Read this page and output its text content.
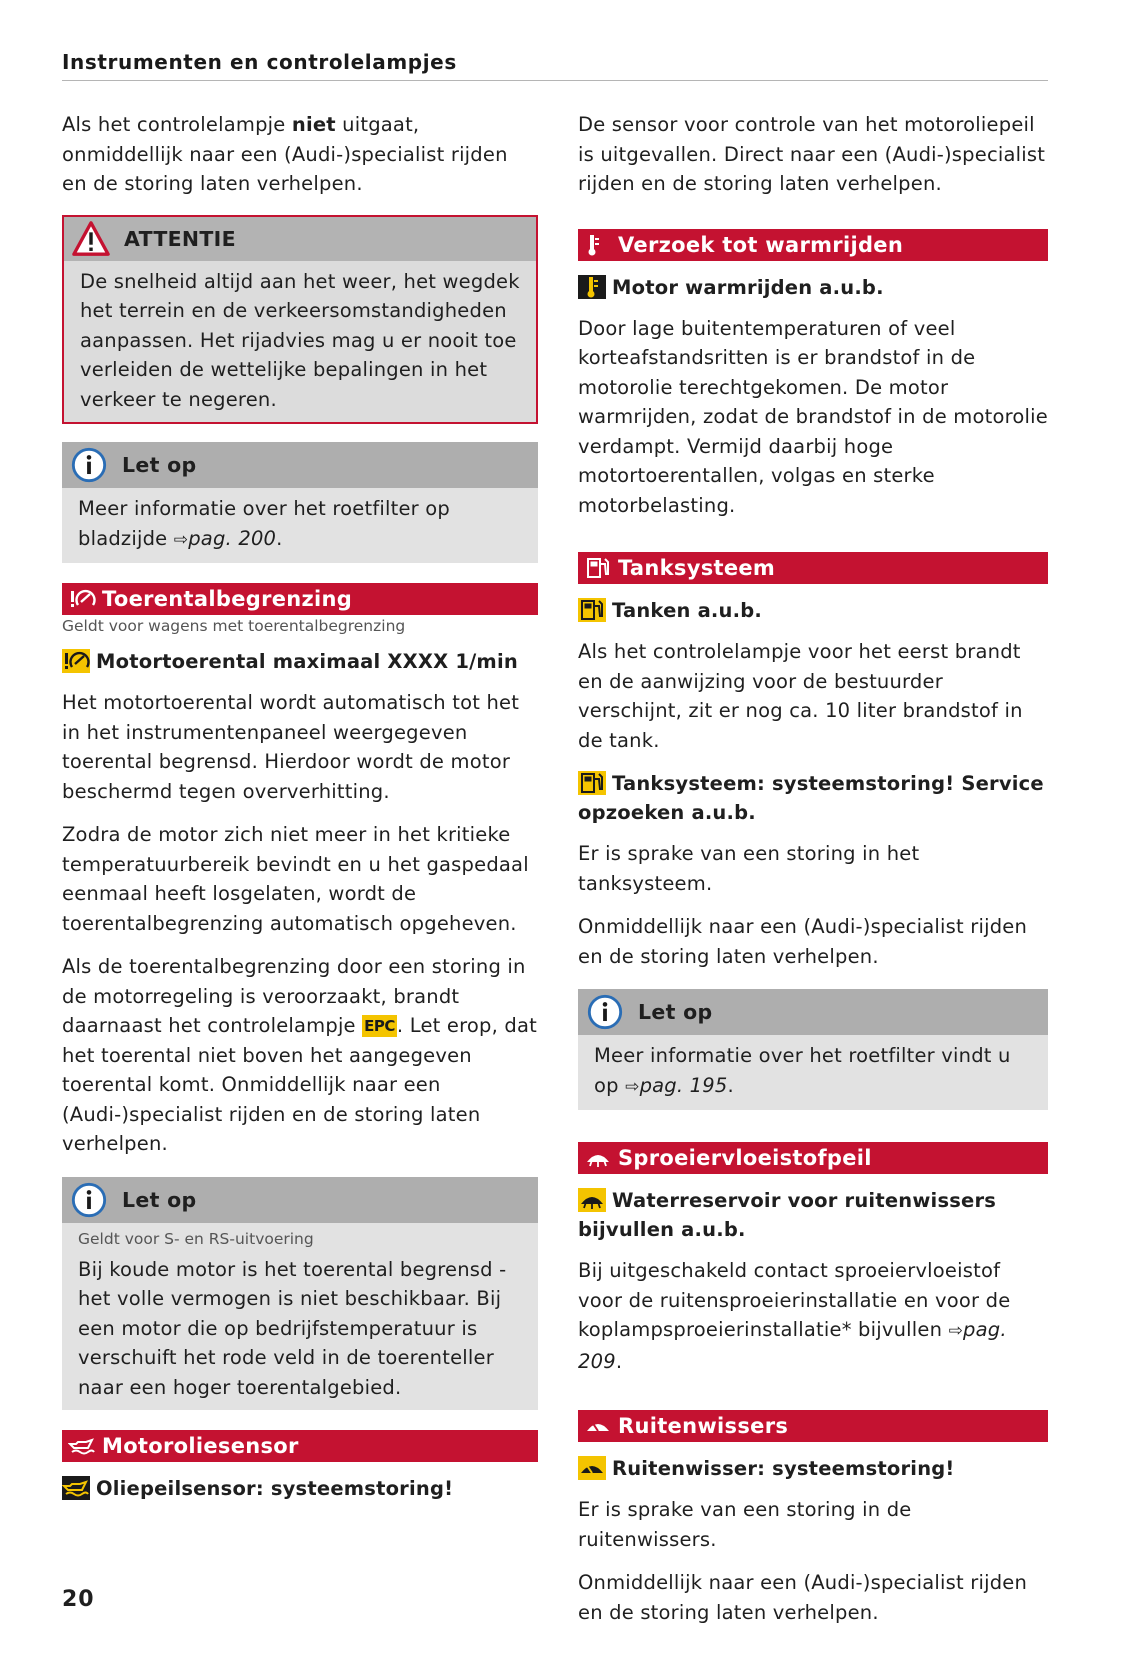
Instrumenten en controlelampjes

Als het controlelampje niet uitgaat, onmiddellijk naar een (Audi-)specialist rijden en de storing laten verhelpen.

ATTENTIE
De snelheid altijd aan het weer, het wegdek het terrein en de verkeersomstandigheden aanpassen. Het rijadvies mag u er nooit toe verleiden de wettelijke bepalingen in het verkeer te negeren.
Let op
Meer informatie over het roetfilter op bladzijde ⇨pag. 200.
Toerentalbegrenzing
Geldt voor wagens met toerentalbegrenzing
Motortoerental maximaal XXXX 1/min

Het motortoerental wordt automatisch tot het in het instrumentenpaneel weergegeven toerental begrensd. Hierdoor wordt de motor beschermd tegen oververhitting.

Zodra de motor zich niet meer in het kritieke temperatuurbereik bevindt en u het gaspedaal eenmaal heeft losgelaten, wordt de toerentalbegrenzing automatisch opgeheven.

Als de toerentalbegrenzing door een storing in de motorregeling is veroorzaakt, brandt daarnaast het controlelampje EPC . Let erop, dat het toerental niet boven het aangegeven toerental komt. Onmiddellijk naar een (Audi-)specialist rijden en de storing laten verhelpen.

Let op
Geldt voor S- en RS-uitvoering
Bij koude motor is het toerental begrensd - het volle vermogen is niet beschikbaar. Bij een motor die op bedrijfstemperatuur is verschuift het rode veld in de toerenteller naar een hoger toerentalgebied.
Motoroliesensor
Oliepeilsensor: systeemstoring!

De sensor voor controle van het motoroliepeil is uitgevallen. Direct naar een (Audi-)specialist rijden en de storing laten verhelpen.

Verzoek tot warmrijden
Motor warmrijden a.u.b.

Door lage buitentemperaturen of veel korteafstandsritten is er brandstof in de motorolie terechtgekomen. De motor warmrijden, zodat de brandstof in de motorolie verdampt. Vermijd daarbij hoge motortoerentallen, volgas en sterke motorbelasting.

Tanksysteem
Tanken a.u.b.

Als het controlelampje voor het eerst brandt en de aanwijzing voor de bestuurder verschijnt, zit er nog ca. 10 liter brandstof in de tank.

Tanksysteem: systeemstoring! Service opzoeken a.u.b.

Er is sprake van een storing in het tanksysteem.

Onmiddellijk naar een (Audi-)specialist rijden en de storing laten verhelpen.

Let op
Meer informatie over het roetfilter vindt u op ⇨pag. 195.
Sproeiervloeistofpeil
Waterreservoir voor ruitenwissers bijvullen a.u.b.

Bij uitgeschakeld contact sproeiervloeistof voor de ruitensproeierinstallatie en voor de koplampsproeierinstallatie* bijvullen ⇨pag. 209.

Ruitenwissers
Ruitenwisser: systeemstoring!

Er is sprake van een storing in de ruitenwissers.

Onmiddellijk naar een (Audi-)specialist rijden en de storing laten verhelpen.

20
